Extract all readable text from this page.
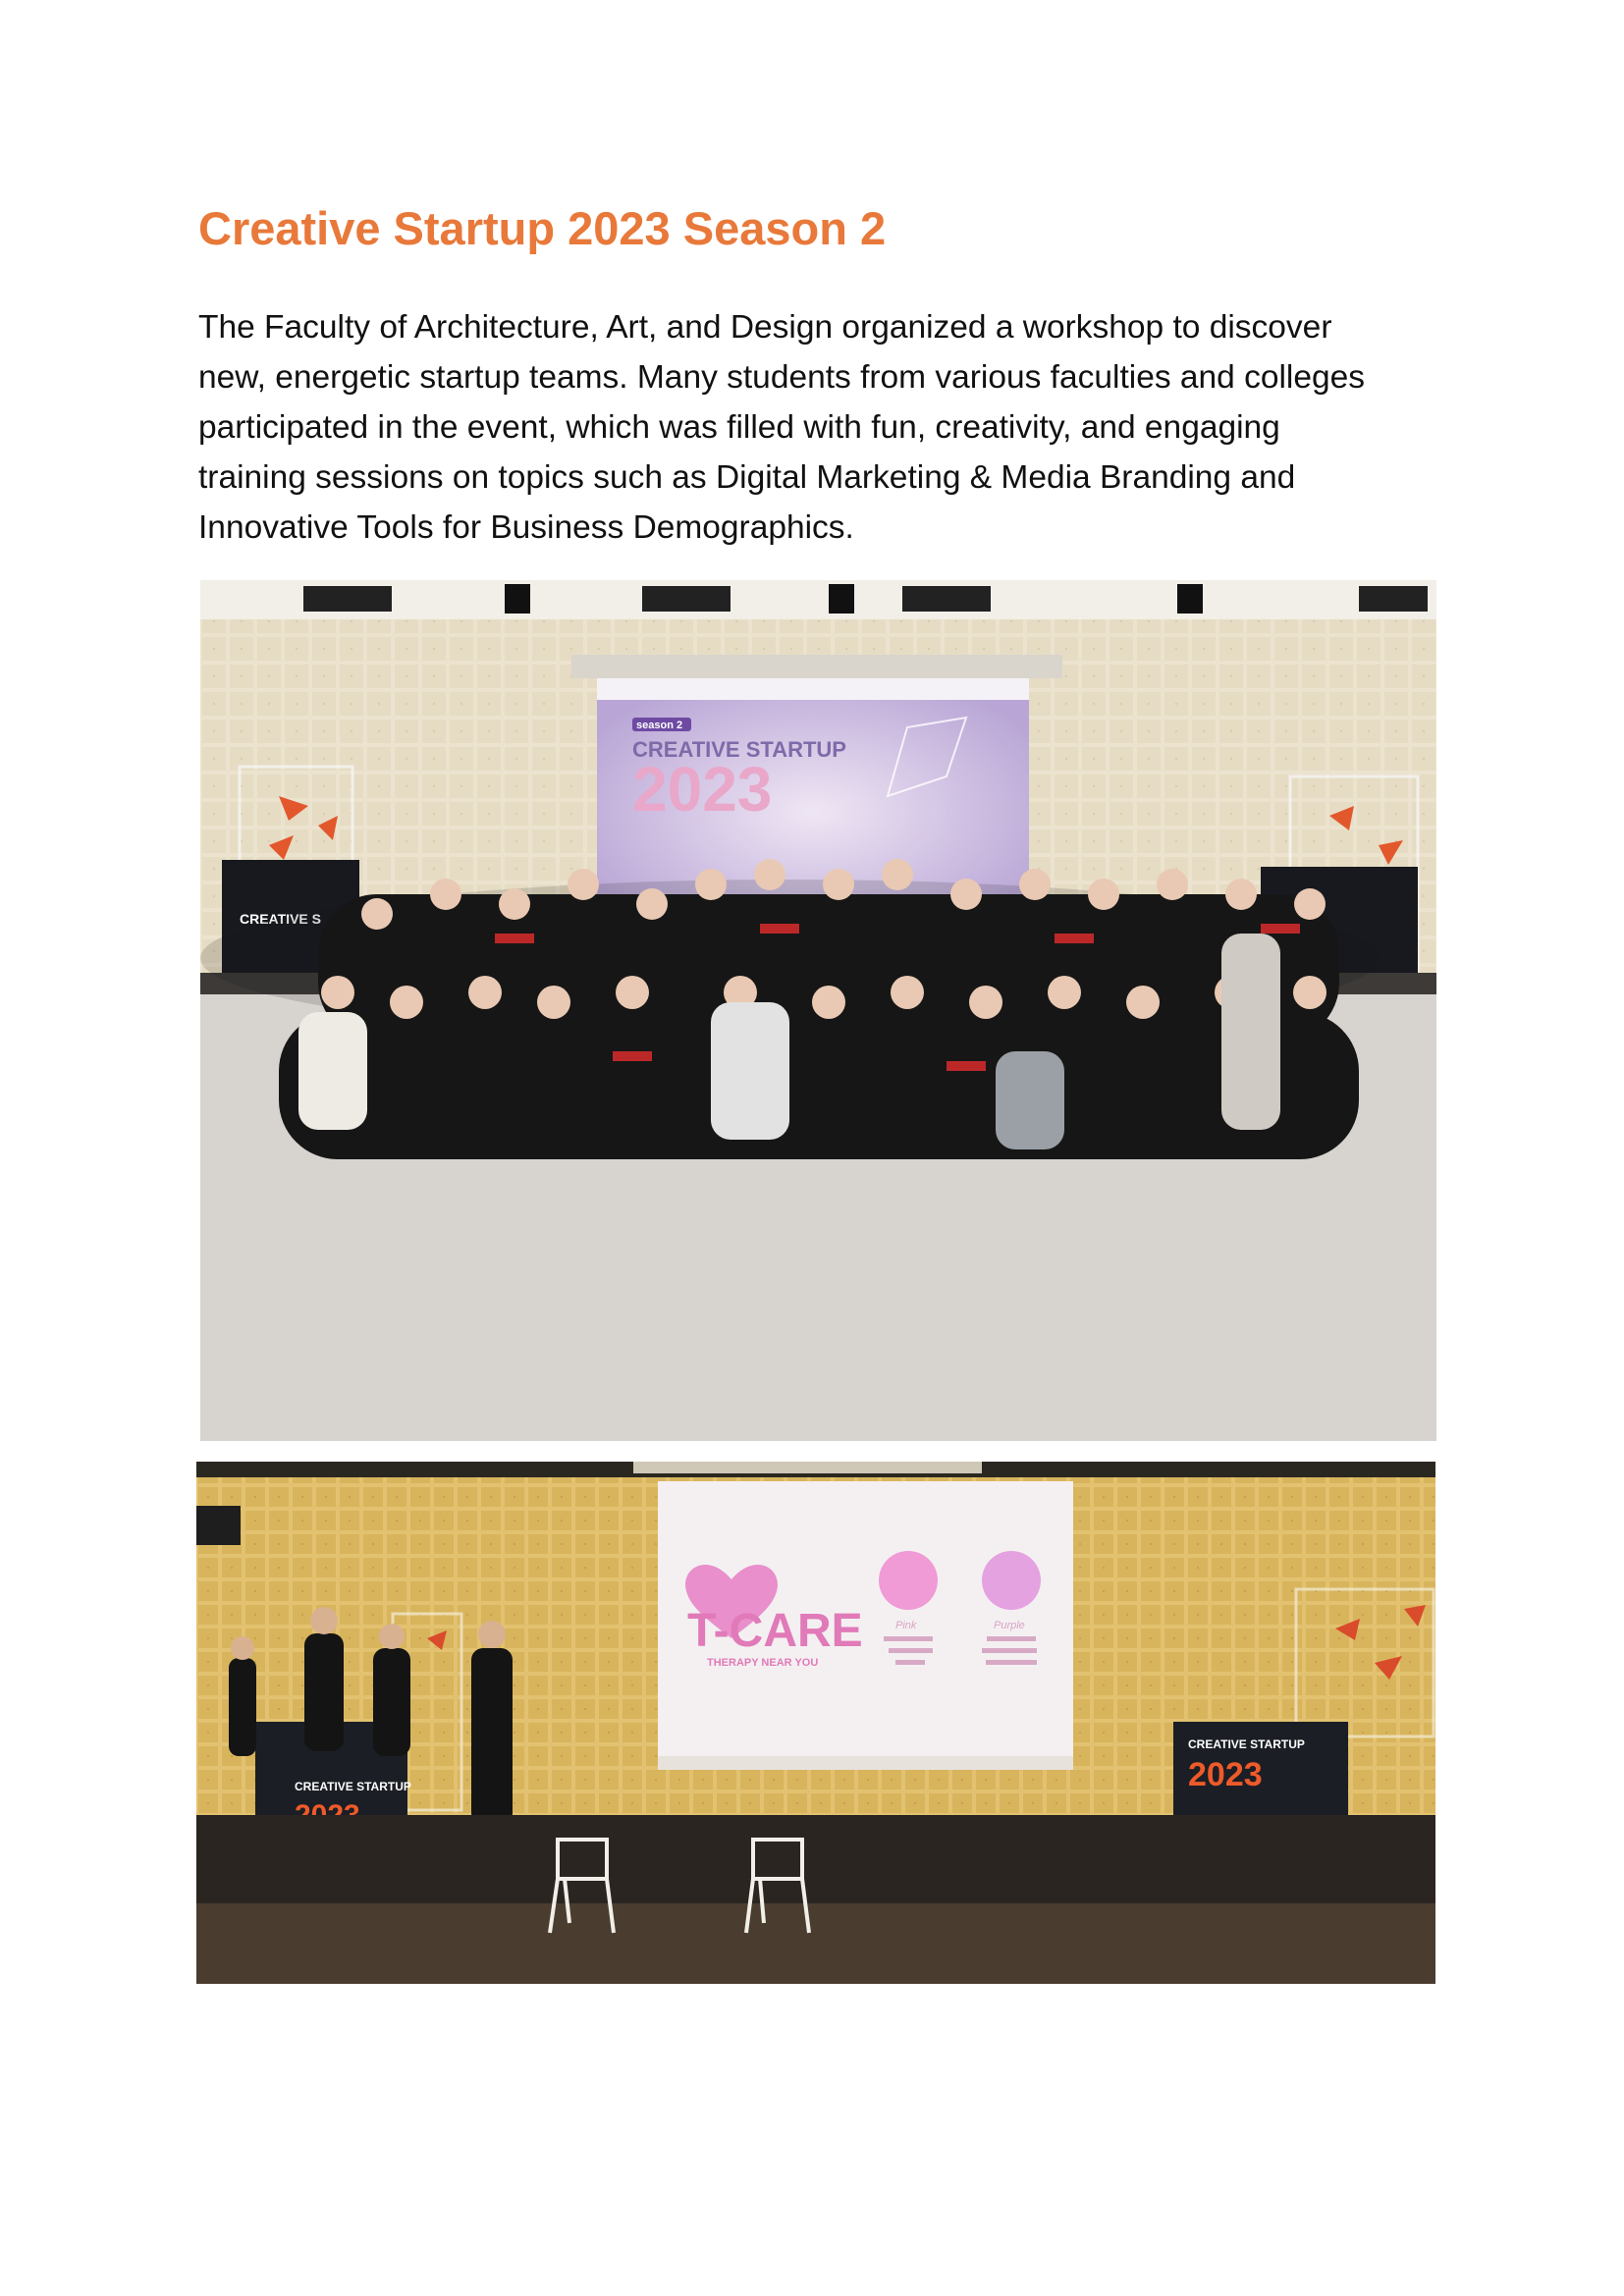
Creative Startup 2023 Season 2
The Faculty of Architecture, Art, and Design organized a workshop to discover
new, energetic startup teams. Many students from various faculties and colleges
participated in the event, which was filled with fun, creativity, and engaging
training sessions on topics such as Digital Marketing & Media Branding and
Innovative Tools for Business Demographics.
season 2
CREATIVE STARTUP
2023
CREATIVE S
T-CARE
THERAPY NEAR YOU
Pink	Purple
CREATIVE STARTUP
CREATIVE STARTUP
2023
